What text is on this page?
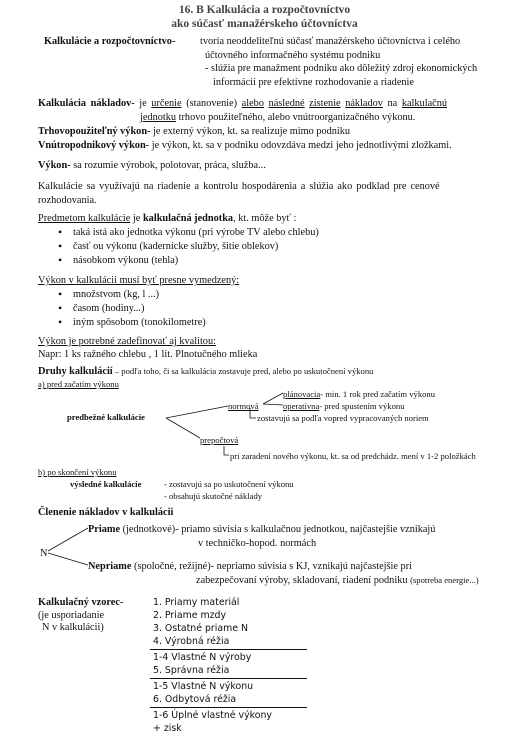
16. B Kalkulácia a rozpočtovníctvo
ako súčasť manažérskeho účtovníctva
Kalkulácie a rozpočtovníctvo- tvoria neoddeliteľnú súčasť manažérskeho účtovníctva i celého
účtovného informačného systému podniku
- slúžia pre manažment podniku ako dôležitý zdroj ekonomických
informácií pre efektívne rozhodovanie a riadenie
Kalkulácia nákladov- je určenie (stanovenie) alebo následné zistenie nákladov na kalkulačnú
jednotku trhovo použiteľného, alebo vnútroorganizačného výkonu.
Trhovopoužiteľný výkon- je externý výkon, kt. sa realizuje mimo podniku
Vnútropodnikový výkon- je výkon, kt. sa v podniku odovzdáva medzi jeho jednotlivými zložkami.
Výkon- sa rozumie výrobok, polotovar, práca, služba...
Kalkulácie sa využívajú na riadenie a kontrolu hospodárenia a slúžia ako podklad pre cenové
rozhodovania.
Predmetom kalkulácie je kalkulačná jednotka, kt. môže byť :
• taká istá ako jednotka výkonu (pri výrobe TV alebo chlebu)
• časť ou výkonu (kadernícke služby, šitie oblekov)
• násobkom výkonu (tehla)
Výkon v kalkulácii musí byť presne vymedzený:
• množstvom (kg, l ...)
• časom (hodiny...)
• iným spôsobom (tonokilometre)
Výkon je potrebné zadefinovať aj kvalitou:
Napr: 1 ks ražného chlebu , 1 lit. Plnotučného mlieka
Druhy kalkulácií – podľa toho, či sa kalkulácia zostavuje pred, alebo po uskutočnení výkonu
a) pred začatím výkonu
plánovacia- min. 1 rok pred začatím výkonu
normová	operatívna- pred spustením výkonu
predbežné kalkulácie	zostavujú sa podľa vopred vypracovaných noriem
prepočtová
pri zaradení nového výkonu, kt. sa od predchádz. mení v 1-2 položkách
b) po skončení výkonu
výsledné kalkulácie	- zostavujú sa po uskutočnení výkonu
- obsahujú skutočné náklady
Členenie nákladov v kalkulácii
Priame (jednotkové)- priamo súvisia s kalkulačnou jednotkou, najčastejšie vznikajú
v techničko-hopod. normách
N
Nepriame (spoločné, režijné)- nepriamo súvisia s KJ, vznikajú najčastejšie pri
zabezpečovaní výroby, skladovaní, riadení podniku (spotreba energie...)
Kalkulačný vzorec-
(je usporiadanie
N v kalkulácii)
1. Priamy materiál
2. Priame mzdy
3. Ostatné priame N
4. Výrobná réžia
1-4 Vlastné N výroby
5. Správna réžia
1-5 Vlastné N výkonu
6. Odbytová réžia
1-6 Úplné vlastné výkony
+ zisk
